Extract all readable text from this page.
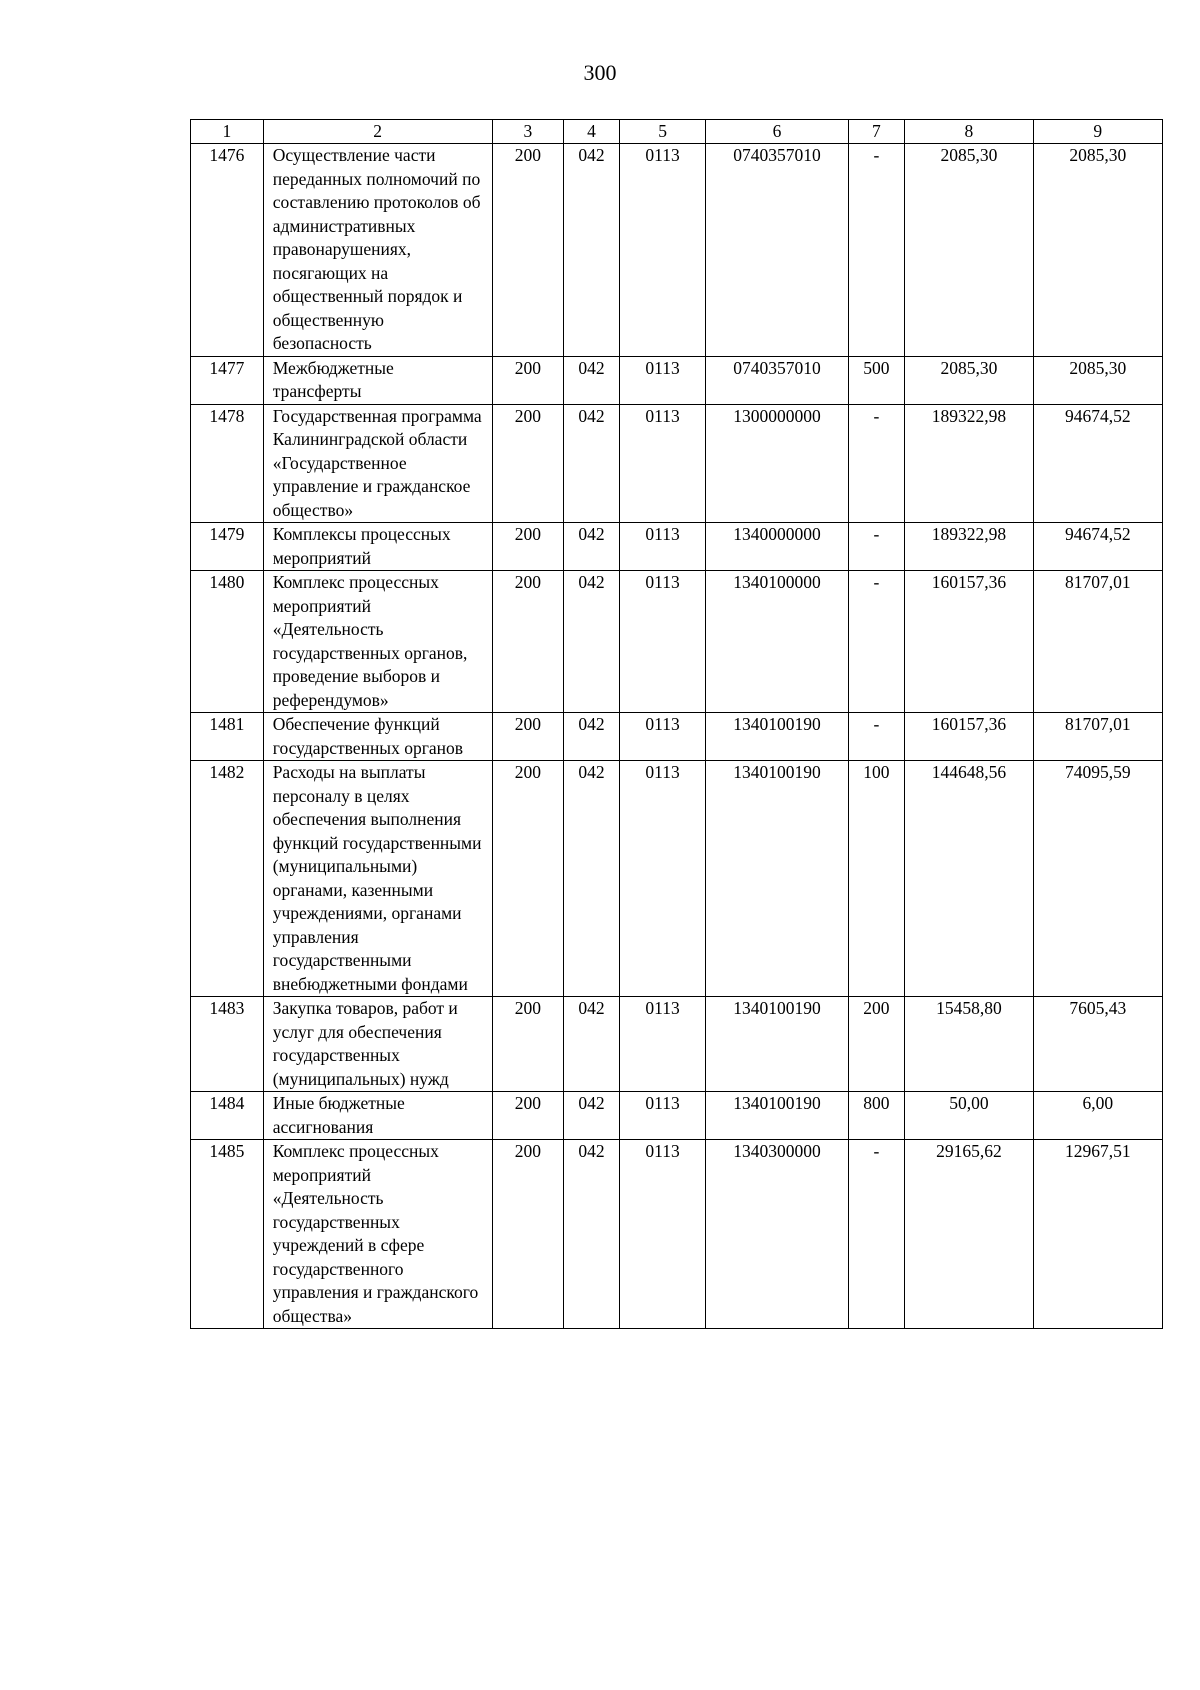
300
1	2	3	4	5	6	7	8	9
1476	Осуществление части переданных полномочий по составлению протоколов об административных правонарушениях, посягающих на общественный порядок и общественную безопасность	200	042	0113	0740357010	-	2085,30	2085,30
1477	Межбюджетные трансферты	200	042	0113	0740357010	500	2085,30	2085,30
1478	Государственная программа Калининградской области «Государственное управление и гражданское общество»	200	042	0113	1300000000	-	189322,98	94674,52
1479	Комплексы процессных мероприятий	200	042	0113	1340000000	-	189322,98	94674,52
1480	Комплекс процессных мероприятий «Деятельность государственных органов, проведение выборов и референдумов»	200	042	0113	1340100000	-	160157,36	81707,01
1481	Обеспечение функций государственных органов	200	042	0113	1340100190	-	160157,36	81707,01
1482	Расходы на выплаты персоналу в целях обеспечения выполнения функций государственными (муниципальными) органами, казенными учреждениями, органами управления государственными внебюджетными фондами	200	042	0113	1340100190	100	144648,56	74095,59
1483	Закупка товаров, работ и услуг для обеспечения государственных (муниципальных) нужд	200	042	0113	1340100190	200	15458,80	7605,43
1484	Иные бюджетные ассигнования	200	042	0113	1340100190	800	50,00	6,00
1485	Комплекс процессных мероприятий «Деятельность государственных учреждений в сфере государственного управления и гражданского общества»	200	042	0113	1340300000	-	29165,62	12967,51
